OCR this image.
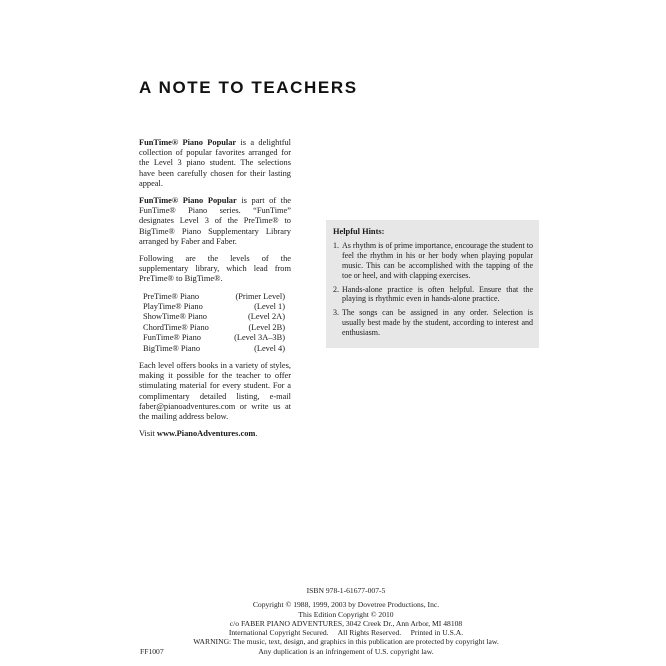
A NOTE TO TEACHERS

FunTime® Piano Popular is a delightful collection of popular favorites arranged for the Level 3 piano student. The selections have been carefully chosen for their lasting appeal.

FunTime® Piano Popular is part of the FunTime® Piano series. “FunTime” designates Level 3 of the PreTime® to BigTime® Piano Supplementary Library arranged by Faber and Faber.

Following are the levels of the supplementary library, which lead from PreTime® to BigTime®.

PreTime® Piano	(Primer Level)
PlayTime® Piano	(Level 1)
ShowTime® Piano	(Level 2A)
ChordTime® Piano	(Level 2B)
FunTime® Piano	(Level 3A–3B)
BigTime® Piano	(Level 4)

Each level offers books in a variety of styles, making it possible for the teacher to offer stimulating material for every student. For a complimentary detailed listing, e-mail faber@pianoadventures.com or write us at the mailing address below.

Visit www.PianoAdventures.com.

Helpful Hints:
1. As rhythm is of prime importance, encourage the student to feel the rhythm in his or her body when playing popular music. This can be accomplished with the tapping of the toe or heel, and with clapping exercises.
2. Hands-alone practice is often helpful. Ensure that the playing is rhythmic even in hands-alone practice.
3. The songs can be assigned in any order. Selection is usually best made by the student, according to interest and enthusiasm.
ISBN 978-1-61677-007-5
Copyright © 1988, 1999, 2003 by Dovetree Productions, Inc.
This Edition Copyright © 2010
c/o FABER PIANO ADVENTURES, 3042 Creek Dr., Ann Arbor, MI 48108
International Copyright Secured.     All Rights Reserved.     Printed in U.S.A.
WARNING: The music, text, design, and graphics in this publication are protected by copyright law.
Any duplication is an infringement of U.S. copyright law.
FF1007
